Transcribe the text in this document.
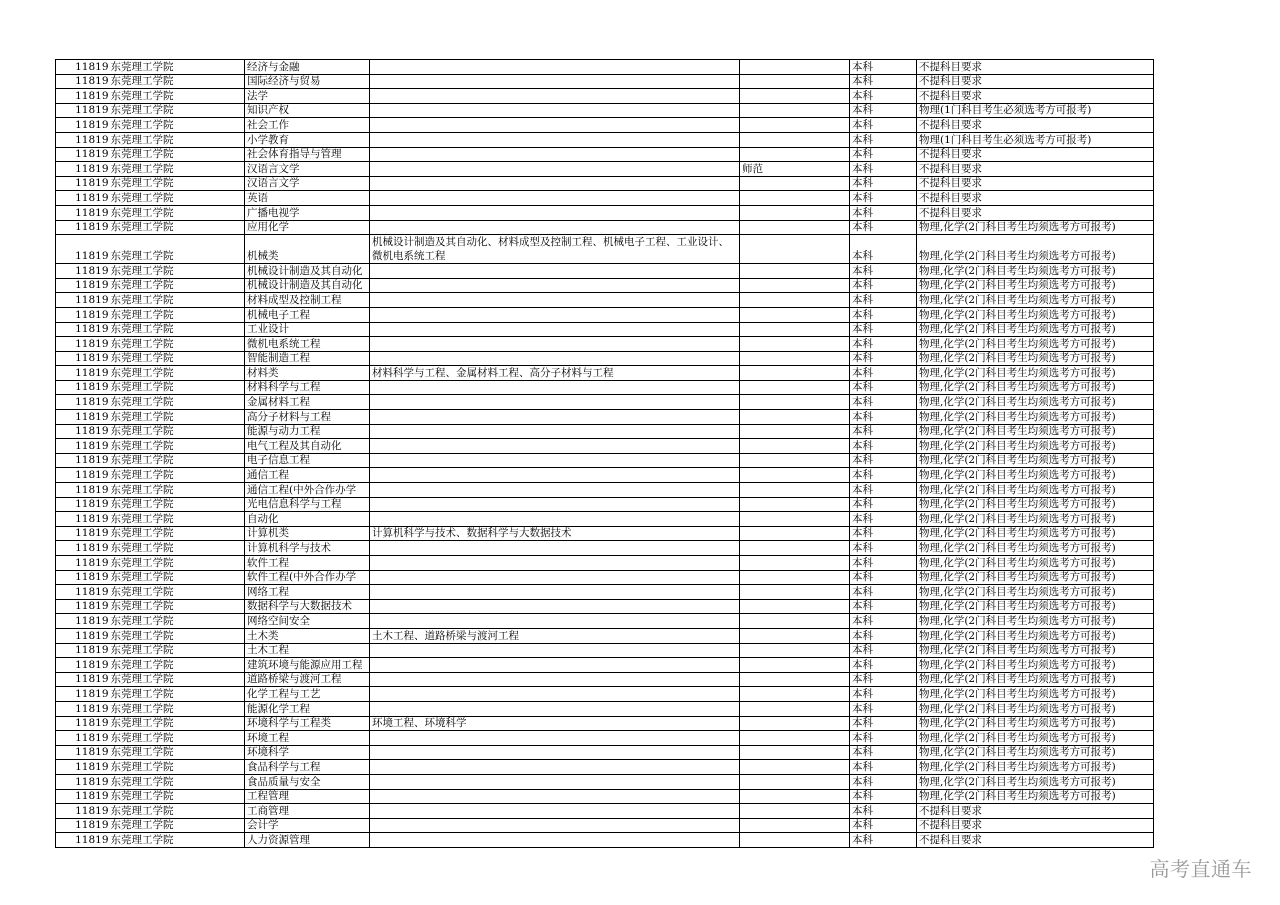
11819	东莞理工学院	经济与金融			本科	不提科目要求
11819	东莞理工学院	国际经济与贸易			本科	不提科目要求
11819	东莞理工学院	法学			本科	不提科目要求
11819	东莞理工学院	知识产权			本科	物理(1门科目考生必须选考方可报考)
11819	东莞理工学院	社会工作			本科	不提科目要求
11819	东莞理工学院	小学教育			本科	物理(1门科目考生必须选考方可报考)
11819	东莞理工学院	社会体育指导与管理			本科	不提科目要求
11819	东莞理工学院	汉语言文学		师范	本科	不提科目要求
11819	东莞理工学院	汉语言文学			本科	不提科目要求
11819	东莞理工学院	英语			本科	不提科目要求
11819	东莞理工学院	广播电视学			本科	不提科目要求
11819	东莞理工学院	应用化学			本科	物理,化学(2门科目考生均须选考方可报考)
11819	东莞理工学院	机械类	机械设计制造及其自动化、材料成型及控制工程、机械电子工程、工业设计、微机电系统工程		本科	物理,化学(2门科目考生均须选考方可报考)
11819	东莞理工学院	机械设计制造及其自动化			本科	物理,化学(2门科目考生均须选考方可报考)
11819	东莞理工学院	机械设计制造及其自动化			本科	物理,化学(2门科目考生均须选考方可报考)
11819	东莞理工学院	材料成型及控制工程			本科	物理,化学(2门科目考生均须选考方可报考)
11819	东莞理工学院	机械电子工程			本科	物理,化学(2门科目考生均须选考方可报考)
11819	东莞理工学院	工业设计			本科	物理,化学(2门科目考生均须选考方可报考)
11819	东莞理工学院	微机电系统工程			本科	物理,化学(2门科目考生均须选考方可报考)
11819	东莞理工学院	智能制造工程			本科	物理,化学(2门科目考生均须选考方可报考)
11819	东莞理工学院	材料类	材料科学与工程、金属材料工程、高分子材料与工程		本科	物理,化学(2门科目考生均须选考方可报考)
11819	东莞理工学院	材料科学与工程			本科	物理,化学(2门科目考生均须选考方可报考)
11819	东莞理工学院	金属材料工程			本科	物理,化学(2门科目考生均须选考方可报考)
11819	东莞理工学院	高分子材料与工程			本科	物理,化学(2门科目考生均须选考方可报考)
11819	东莞理工学院	能源与动力工程			本科	物理,化学(2门科目考生均须选考方可报考)
11819	东莞理工学院	电气工程及其自动化			本科	物理,化学(2门科目考生均须选考方可报考)
11819	东莞理工学院	电子信息工程			本科	物理,化学(2门科目考生均须选考方可报考)
11819	东莞理工学院	通信工程			本科	物理,化学(2门科目考生均须选考方可报考)
11819	东莞理工学院	通信工程(中外合作办学			本科	物理,化学(2门科目考生均须选考方可报考)
11819	东莞理工学院	光电信息科学与工程			本科	物理,化学(2门科目考生均须选考方可报考)
11819	东莞理工学院	自动化			本科	物理,化学(2门科目考生均须选考方可报考)
11819	东莞理工学院	计算机类	计算机科学与技术、数据科学与大数据技术		本科	物理,化学(2门科目考生均须选考方可报考)
11819	东莞理工学院	计算机科学与技术			本科	物理,化学(2门科目考生均须选考方可报考)
11819	东莞理工学院	软件工程			本科	物理,化学(2门科目考生均须选考方可报考)
11819	东莞理工学院	软件工程(中外合作办学			本科	物理,化学(2门科目考生均须选考方可报考)
11819	东莞理工学院	网络工程			本科	物理,化学(2门科目考生均须选考方可报考)
11819	东莞理工学院	数据科学与大数据技术			本科	物理,化学(2门科目考生均须选考方可报考)
11819	东莞理工学院	网络空间安全			本科	物理,化学(2门科目考生均须选考方可报考)
11819	东莞理工学院	土木类	土木工程、道路桥梁与渡河工程		本科	物理,化学(2门科目考生均须选考方可报考)
11819	东莞理工学院	土木工程			本科	物理,化学(2门科目考生均须选考方可报考)
11819	东莞理工学院	建筑环境与能源应用工程			本科	物理,化学(2门科目考生均须选考方可报考)
11819	东莞理工学院	道路桥梁与渡河工程			本科	物理,化学(2门科目考生均须选考方可报考)
11819	东莞理工学院	化学工程与工艺			本科	物理,化学(2门科目考生均须选考方可报考)
11819	东莞理工学院	能源化学工程			本科	物理,化学(2门科目考生均须选考方可报考)
11819	东莞理工学院	环境科学与工程类	环境工程、环境科学		本科	物理,化学(2门科目考生均须选考方可报考)
11819	东莞理工学院	环境工程			本科	物理,化学(2门科目考生均须选考方可报考)
11819	东莞理工学院	环境科学			本科	物理,化学(2门科目考生均须选考方可报考)
11819	东莞理工学院	食品科学与工程			本科	物理,化学(2门科目考生均须选考方可报考)
11819	东莞理工学院	食品质量与安全			本科	物理,化学(2门科目考生均须选考方可报考)
11819	东莞理工学院	工程管理			本科	物理,化学(2门科目考生均须选考方可报考)
11819	东莞理工学院	工商管理			本科	不提科目要求
11819	东莞理工学院	会计学			本科	不提科目要求
11819	东莞理工学院	人力资源管理			本科	不提科目要求
高考直通车
